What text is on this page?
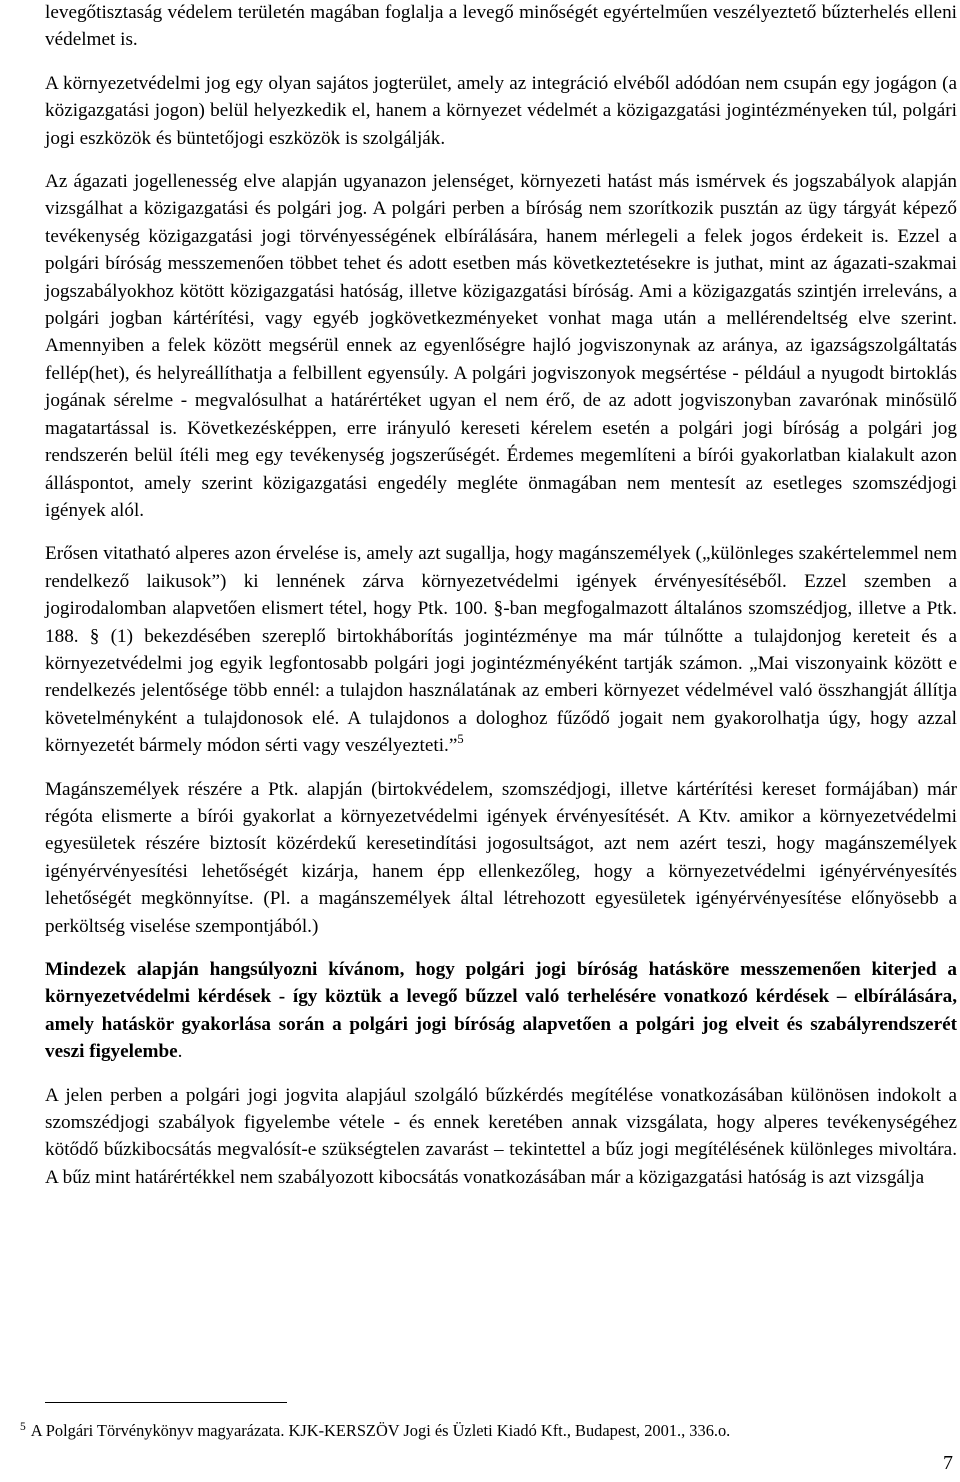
levegőtisztaság védelem területén magában foglalja a levegő minőségét egyértelműen veszélyeztető bűzterhelés elleni védelmet is.

A környezetvédelmi jog egy olyan sajátos jogterület, amely az integráció elvéből adódóan nem csupán egy jogágon (a közigazgatási jogon) belül helyezkedik el, hanem a környezet védelmét a közigazgatási jogintézményeken túl, polgári jogi eszközök és büntetőjogi eszközök is szolgálják.

Az ágazati jogellenesség elve alapján ugyanazon jelenséget, környezeti hatást más ismérvek és jogszabályok alapján vizsgálhat a közigazgatási és polgári jog. A polgári perben a bíróság nem szorítkozik pusztán az ügy tárgyát képező tevékenység közigazgatási jogi törvényességének elbírálására, hanem mérlegeli a felek jogos érdekeit is. Ezzel a polgári bíróság messzemenően többet tehet és adott esetben más következtetésekre is juthat, mint az ágazati-szakmai jogszabályokhoz kötött közigazgatási hatóság, illetve közigazgatási bíróság. Ami a közigazgatás szintjén irreleváns, a polgári jogban kártérítési, vagy egyéb jogkövetkezményeket vonhat maga után a mellérendeltség elve szerint. Amennyiben a felek között megsérül ennek az egyenlőségre hajló jogviszonynak az aránya, az igazságszolgáltatás fellép(het), és helyreállíthatja a felbillent egyensúly. A polgári jogviszonyok megsértése - például a nyugodt birtoklás jogának sérelme - megvalósulhat a határértéket ugyan el nem érő, de az adott jogviszonyban zavarónak minősülő magatartással is. Következésképpen, erre irányuló kereseti kérelem esetén a polgári jogi bíróság a polgári jog rendszerén belül ítéli meg egy tevékenység jogszerűségét. Érdemes megemlíteni a bírói gyakorlatban kialakult azon álláspontot, amely szerint közigazgatási engedély megléte önmagában nem mentesít az esetleges szomszédjogi igények alól.

Erősen vitatható alperes azon érvelése is, amely azt sugallja, hogy magánszemélyek („különleges szakértelemmel nem rendelkező laikusok”) ki lennének zárva környezetvédelmi igények érvényesítéséből. Ezzel szemben a jogirodalomban alapvetően elismert tétel, hogy Ptk. 100. §-ban megfogalmazott általános szomszédjog, illetve a Ptk. 188. § (1) bekezdésében szereplő birtokháborítás jogintézménye ma már túlnőtte a tulajdonjog kereteit és a környezetvédelmi jog egyik legfontosabb polgári jogi jogintézményéként tartják számon. „Mai viszonyaink között e rendelkezés jelentősége több ennél: a tulajdon használatának az emberi környezet védelmével való összhangját állítja követelményként a tulajdonosok elé. A tulajdonos a dologhoz fűződő jogait nem gyakorolhatja úgy, hogy azzal környezetét bármely módon sérti vagy veszélyezteti.”$^5$

Magánszemélyek részére a Ptk. alapján (birtokvédelem, szomszédjogi, illetve kártérítési kereset formájában) már régóta elismerte a bírói gyakorlat a környezetvédelmi igények érvényesítését. A Ktv. amikor a környezetvédelmi egyesületek részére biztosít közérdekű keresetindítási jogosultságot, azt nem azért teszi, hogy magánszemélyek igényérvényesítési lehetőségét kizárja, hanem épp ellenkezőleg, hogy a környezetvédelmi igényérvényesítés lehetőségét megkönnyítse. (Pl. a magánszemélyek által létrehozott egyesületek igényérvényesítése előnyösebb a perköltség viselése szempontjából.)

Mindezek alapján hangsúlyozni kívánom, hogy polgári jogi bíróság hatásköre messzemenően kiterjed a környezetvédelmi kérdések - így köztük a levegő bűzzel való terhelésére vonatkozó kérdések – elbírálására, amely hatáskör gyakorlása során a polgári jogi bíróság alapvetően a polgári jog elveit és szabályrendszerét veszi figyelembe.

A jelen perben a polgári jogi jogvita alapjául szolgáló bűzkérdés megítélése vonatkozásában különösen indokolt a szomszédjogi szabályok figyelembe vétele - és ennek keretében annak vizsgálata, hogy alperes tevékenységéhez kötődő bűzkibocsátás megvalósít-e szükségtelen zavarást – tekintettel a bűz jogi megítélésének különleges mivoltára. A bűz mint határértékkel nem szabályozott kibocsátás vonatkozásában már a közigazgatási hatóság is azt vizsgálja

$^5$ A Polgári Törvénykönyv magyarázata. KJK-KERSZÖV Jogi és Üzleti Kiadó Kft., Budapest, 2001., 336.o.
7
